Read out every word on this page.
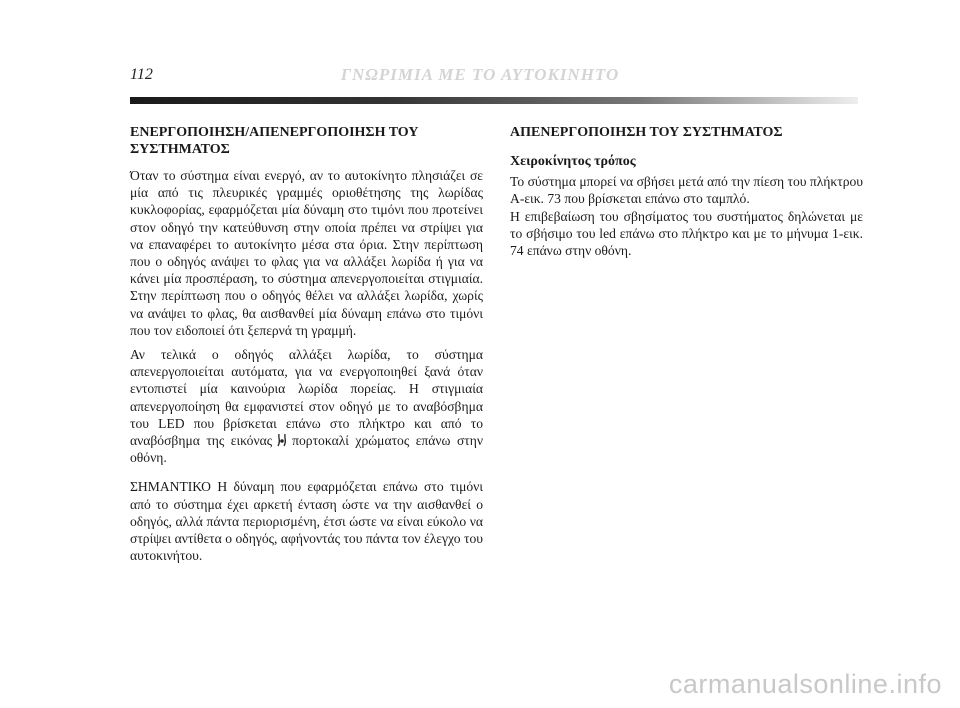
112	ΓΝΩΡΙΜΙΑ ΜΕ ΤΟ ΑΥΤΟΚΙΝΗΤΟ
ΕΝΕΡΓΟΠΟΙΗΣΗ/ΑΠΕΝΕΡΓΟΠΟΙΗΣΗ ΤΟΥ ΣΥΣΤΗΜΑΤΟΣ

Όταν το σύστημα είναι ενεργό, αν το αυτοκίνητο πλησιάζει σε μία από τις πλευρικές γραμμές οριοθέτησης της λωρίδας κυκλοφορίας, εφαρμόζεται μία δύναμη στο τιμόνι που προτείνει στον οδηγό την κατεύθυνση στην οποία πρέπει να στρίψει για να επαναφέρει το αυτοκίνητο μέσα στα όρια. Στην περίπτωση που ο οδηγός ανάψει το φλας για να αλλάξει λωρίδα ή για να κάνει μία προσπέραση, το σύστημα απενεργοποιείται στιγμιαία. Στην περίπτωση που ο οδηγός θέλει να αλλάξει λωρίδα, χωρίς να ανάψει το φλας, θα αισθανθεί μία δύναμη επάνω στο τιμόνι που τον ειδοποιεί ότι ξεπερνά τη γραμμή.

Αν τελικά ο οδηγός αλλάξει λωρίδα, το σύστημα απενεργοποιείται αυτόματα, για να ενεργοποιηθεί ξανά όταν εντοπιστεί μία καινούρια λωρίδα πορείας. Η στιγμιαία απενεργοποίηση θα εμφανιστεί στον οδηγό με το αναβόσβημα του LED που βρίσκεται επάνω στο πλήκτρο και από το αναβόσβημα της εικόνας πορτοκαλί χρώματος επάνω στην οθόνη.

ΣΗΜΑΝΤΙΚΟ Η δύναμη που εφαρμόζεται επάνω στο τιμόνι από το σύστημα έχει αρκετή ένταση ώστε να την αισθανθεί ο οδηγός, αλλά πάντα περιορισμένη, έτσι ώστε να είναι εύκολο να στρίψει αντίθετα ο οδηγός, αφήνοντάς του πάντα τον έλεγχο του αυτοκινήτου.

ΑΠΕΝΕΡΓΟΠΟΙΗΣΗ ΤΟΥ ΣΥΣΤΗΜΑΤΟΣ
Χειροκίνητος τρόπος

Το σύστημα μπορεί να σβήσει μετά από την πίεση του πλήκτρου A-εικ. 73 που βρίσκεται επάνω στο ταμπλό.

Η επιβεβαίωση του σβησίματος του συστήματος δηλώνεται με το σβήσιμο του led επάνω στο πλήκτρο και με το μήνυμα 1-εικ. 74 επάνω στην οθόνη.

carmanualsonline.info
